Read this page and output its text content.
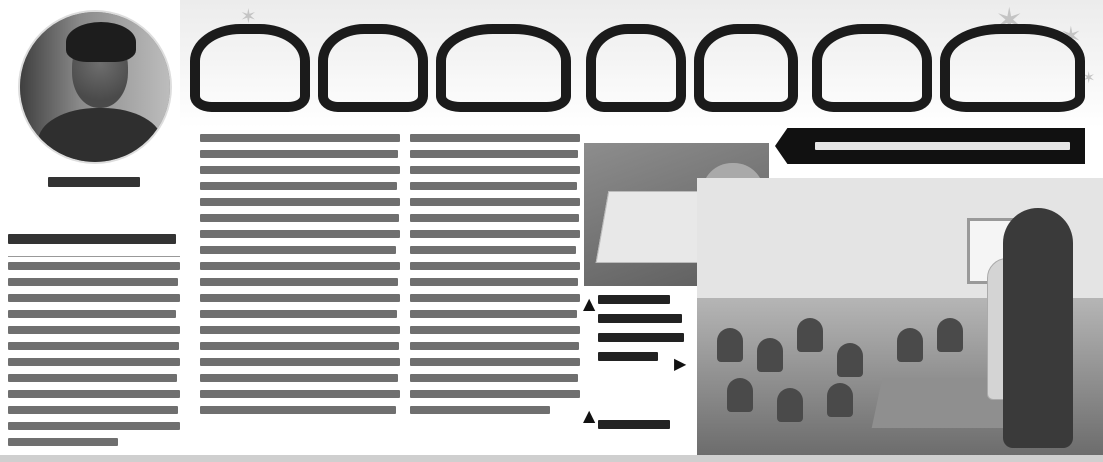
✶ ✶
✶
✶
▲
▶
▲
